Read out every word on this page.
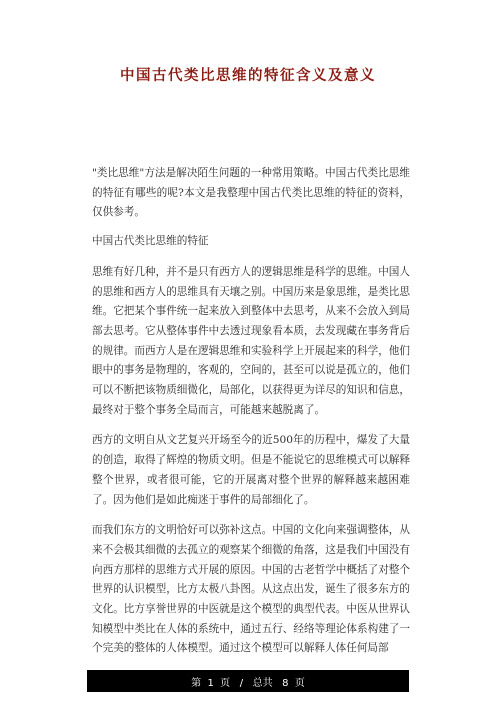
中国古代类比思维的特征含义及意义

"类比思维"方法是解决陌生问题的一种常用策略。中国古代类比思维的特征有哪些的呢?本文是我整理中国古代类比思维的特征的资料，仅供参考。

中国古代类比思维的特征

思维有好几种，并不是只有西方人的逻辑思维是科学的思维。中国人的思维和西方人的思维具有天壤之别。中国历来是象思维，是类比思维。它把某个事件统一起来放入到整体中去思考，从来不会放入到局部去思考。它从整体事件中去透过现象看本质，去发现藏在事务背后的规律。而西方人是在逻辑思维和实验科学上开展起来的科学，他们眼中的事务是物理的，客观的，空间的，甚至可以说是孤立的，他们可以不断把该物质细微化，局部化，以获得更为详尽的知识和信息，最终对于整个事务全局而言，可能越来越脱离了。

西方的文明自从文艺复兴开场至今的近500年的历程中，爆发了大量的创造，取得了辉煌的物质文明。但是不能说它的思维模式可以解释整个世界，或者很可能，它的开展离对整个世界的解释越来越困难了。因为他们是如此痴迷于事件的局部细化了。

而我们东方的文明恰好可以弥补这点。中国的文化向来强调整体，从来不会极其细微的去孤立的观察某个细微的角落，这是我们中国没有向西方那样的思维方式开展的原因。中国的古老哲学中概括了对整个世界的认识模型，比方太极八卦图。从这点出发，诞生了很多东方的文化。比方享誉世界的中医就是这个模型的典型代表。中医从世界认知模型中类比在人体的系统中，通过五行、经络等理论体系构建了一个完美的整体的人体模型。通过这个模型可以解释人体任何局部

第  1  页   /   总共   8  页
